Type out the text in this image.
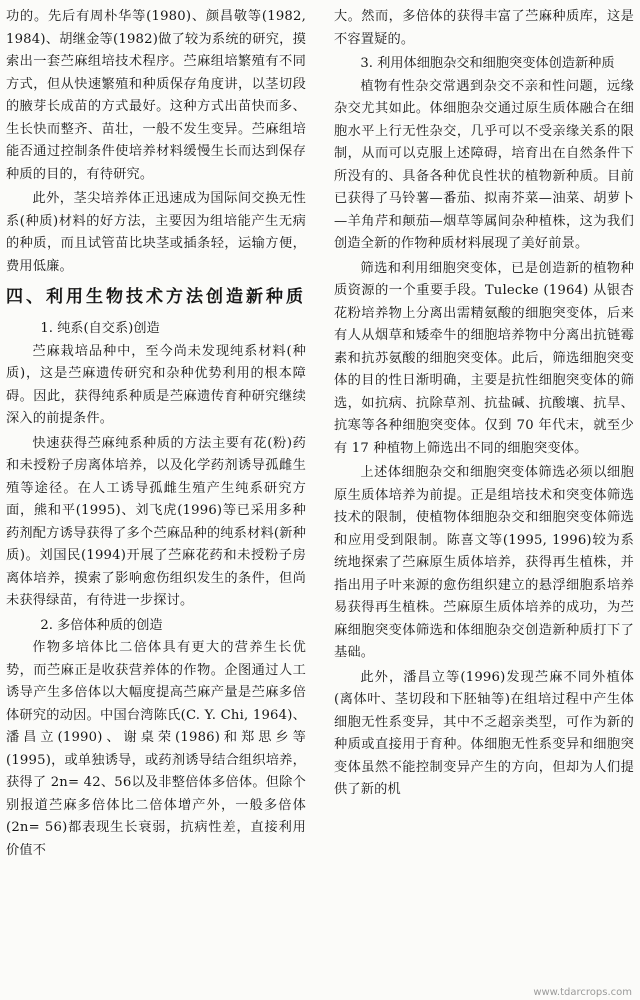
功的。先后有周朴华等(1980)、颜昌敬等(1982, 1984)、胡继金等(1982)做了较为系统的研究，摸索出一套苎麻组培技术程序。苎麻组培繁殖有不同方式，但从快速繁殖和种质保存角度讲，以茎切段的腋芽长成苗的方式最好。这种方式出苗快而多、生长快而整齐、苗壮，一般不发生变异。苎麻组培能否通过控制条件使培养材料缓慢生长而达到保存种质的目的，有待研究。

此外，茎尖培养体正迅速成为国际间交换无性系(种质)材料的好方法，主要因为组培能产生无病的种质，而且试管苗比块茎或插条轻，运输方便，费用低廉。

四、利用生物技术方法创造新种质

1. 纯系(自交系)创造

苎麻栽培品种中，至今尚未发现纯系材料(种质)，这是苎麻遗传研究和杂种优势利用的根本障碍。因此，获得纯系种质是苎麻遗传育种研究继续深入的前提条件。

快速获得苎麻纯系种质的方法主要有花(粉)药和未授粉子房离体培养，以及化学药剂诱导孤雌生殖等途径。在人工诱导孤雌生殖产生纯系研究方面，熊和平(1995)、刘飞虎(1996)等已采用多种药剂配方诱导获得了多个苎麻品种的纯系材料(新种质)。刘国民(1994)开展了苎麻花药和未授粉子房离体培养，摸索了影响愈伤组织发生的条件，但尚未获得绿苗，有待进一步探讨。

2. 多倍体种质的创造

作物多培体比二倍体具有更大的营养生长优势，而苎麻正是收获营养体的作物。企图通过人工诱导产生多倍体以大幅度提高苎麻产量是苎麻多倍体研究的动因。中国台湾陈氏(C. Y. Chi, 1964)、潘昌立(1990)、谢桌荣(1986)和郑思乡等(1995)，或单独诱导，或药剂诱导结合组织培养，获得了 2n= 42、56以及非整倍体多倍体。但除个别报道苎麻多倍体比二倍体增产外，一般多倍体(2n= 56)都表现生长衰弱，抗病性差，直接利用价值不

大。然而，多倍体的获得丰富了苎麻种质库，这是不容置疑的。

3. 利用体细胞杂交和细胞突变体创造新种质

植物有性杂交常遇到杂交不亲和性问题，远缘杂交尤其如此。体细胞杂交通过原生质体融合在细胞水平上行无性杂交，几乎可以不受亲缘关系的限制，从而可以克服上述障碍，培育出在自然条件下所没有的、具备各种优良性状的植物新种质。目前已获得了马铃薯—番茄、拟南芥菜—油菜、胡萝卜—羊角芹和颠茄—烟草等属间杂种植株，这为我们创造全新的作物种质材料展现了美好前景。

筛选和利用细胞突变体，已是创造新的植物种质资源的一个重要手段。Tulecke (1964) 从银杏花粉培养物上分离出需精氨酸的细胞突变体，后来有人从烟草和矮牵牛的细胞培养物中分离出抗链霉素和抗苏氨酸的细胞突变体。此后，筛选细胞突变体的目的性日渐明确，主要是抗性细胞突变体的筛选，如抗病、抗除草剂、抗盐碱、抗酸壤、抗旱、抗寒等各种细胞突变体。仅到 70 年代末，就至少有 17 种植物上筛选出不同的细胞突变体。

上述体细胞杂交和细胞突变体筛选必须以细胞原生质体培养为前提。正是组培技术和突变体筛选技术的限制，使植物体细胞杂交和细胞突变体筛选和应用受到限制。陈喜文等(1995, 1996)较为系统地探索了苎麻原生质体培养，获得再生植株，并指出用子叶来源的愈伤组织建立的悬浮细胞系培养易获得再生植株。苎麻原生质体培养的成功，为苎麻细胞突变体筛选和体细胞杂交创造新种质打下了基础。

此外，潘昌立等(1996)发现苎麻不同外植体(离体叶、茎切段和下胚轴等)在组培过程中产生体细胞无性系变异，其中不乏超亲类型，可作为新的种质或直接用于育种。体细胞无性系变异和细胞突变体虽然不能控制变异产生的方向，但却为人们提供了新的机

www.tdarcrops.com
